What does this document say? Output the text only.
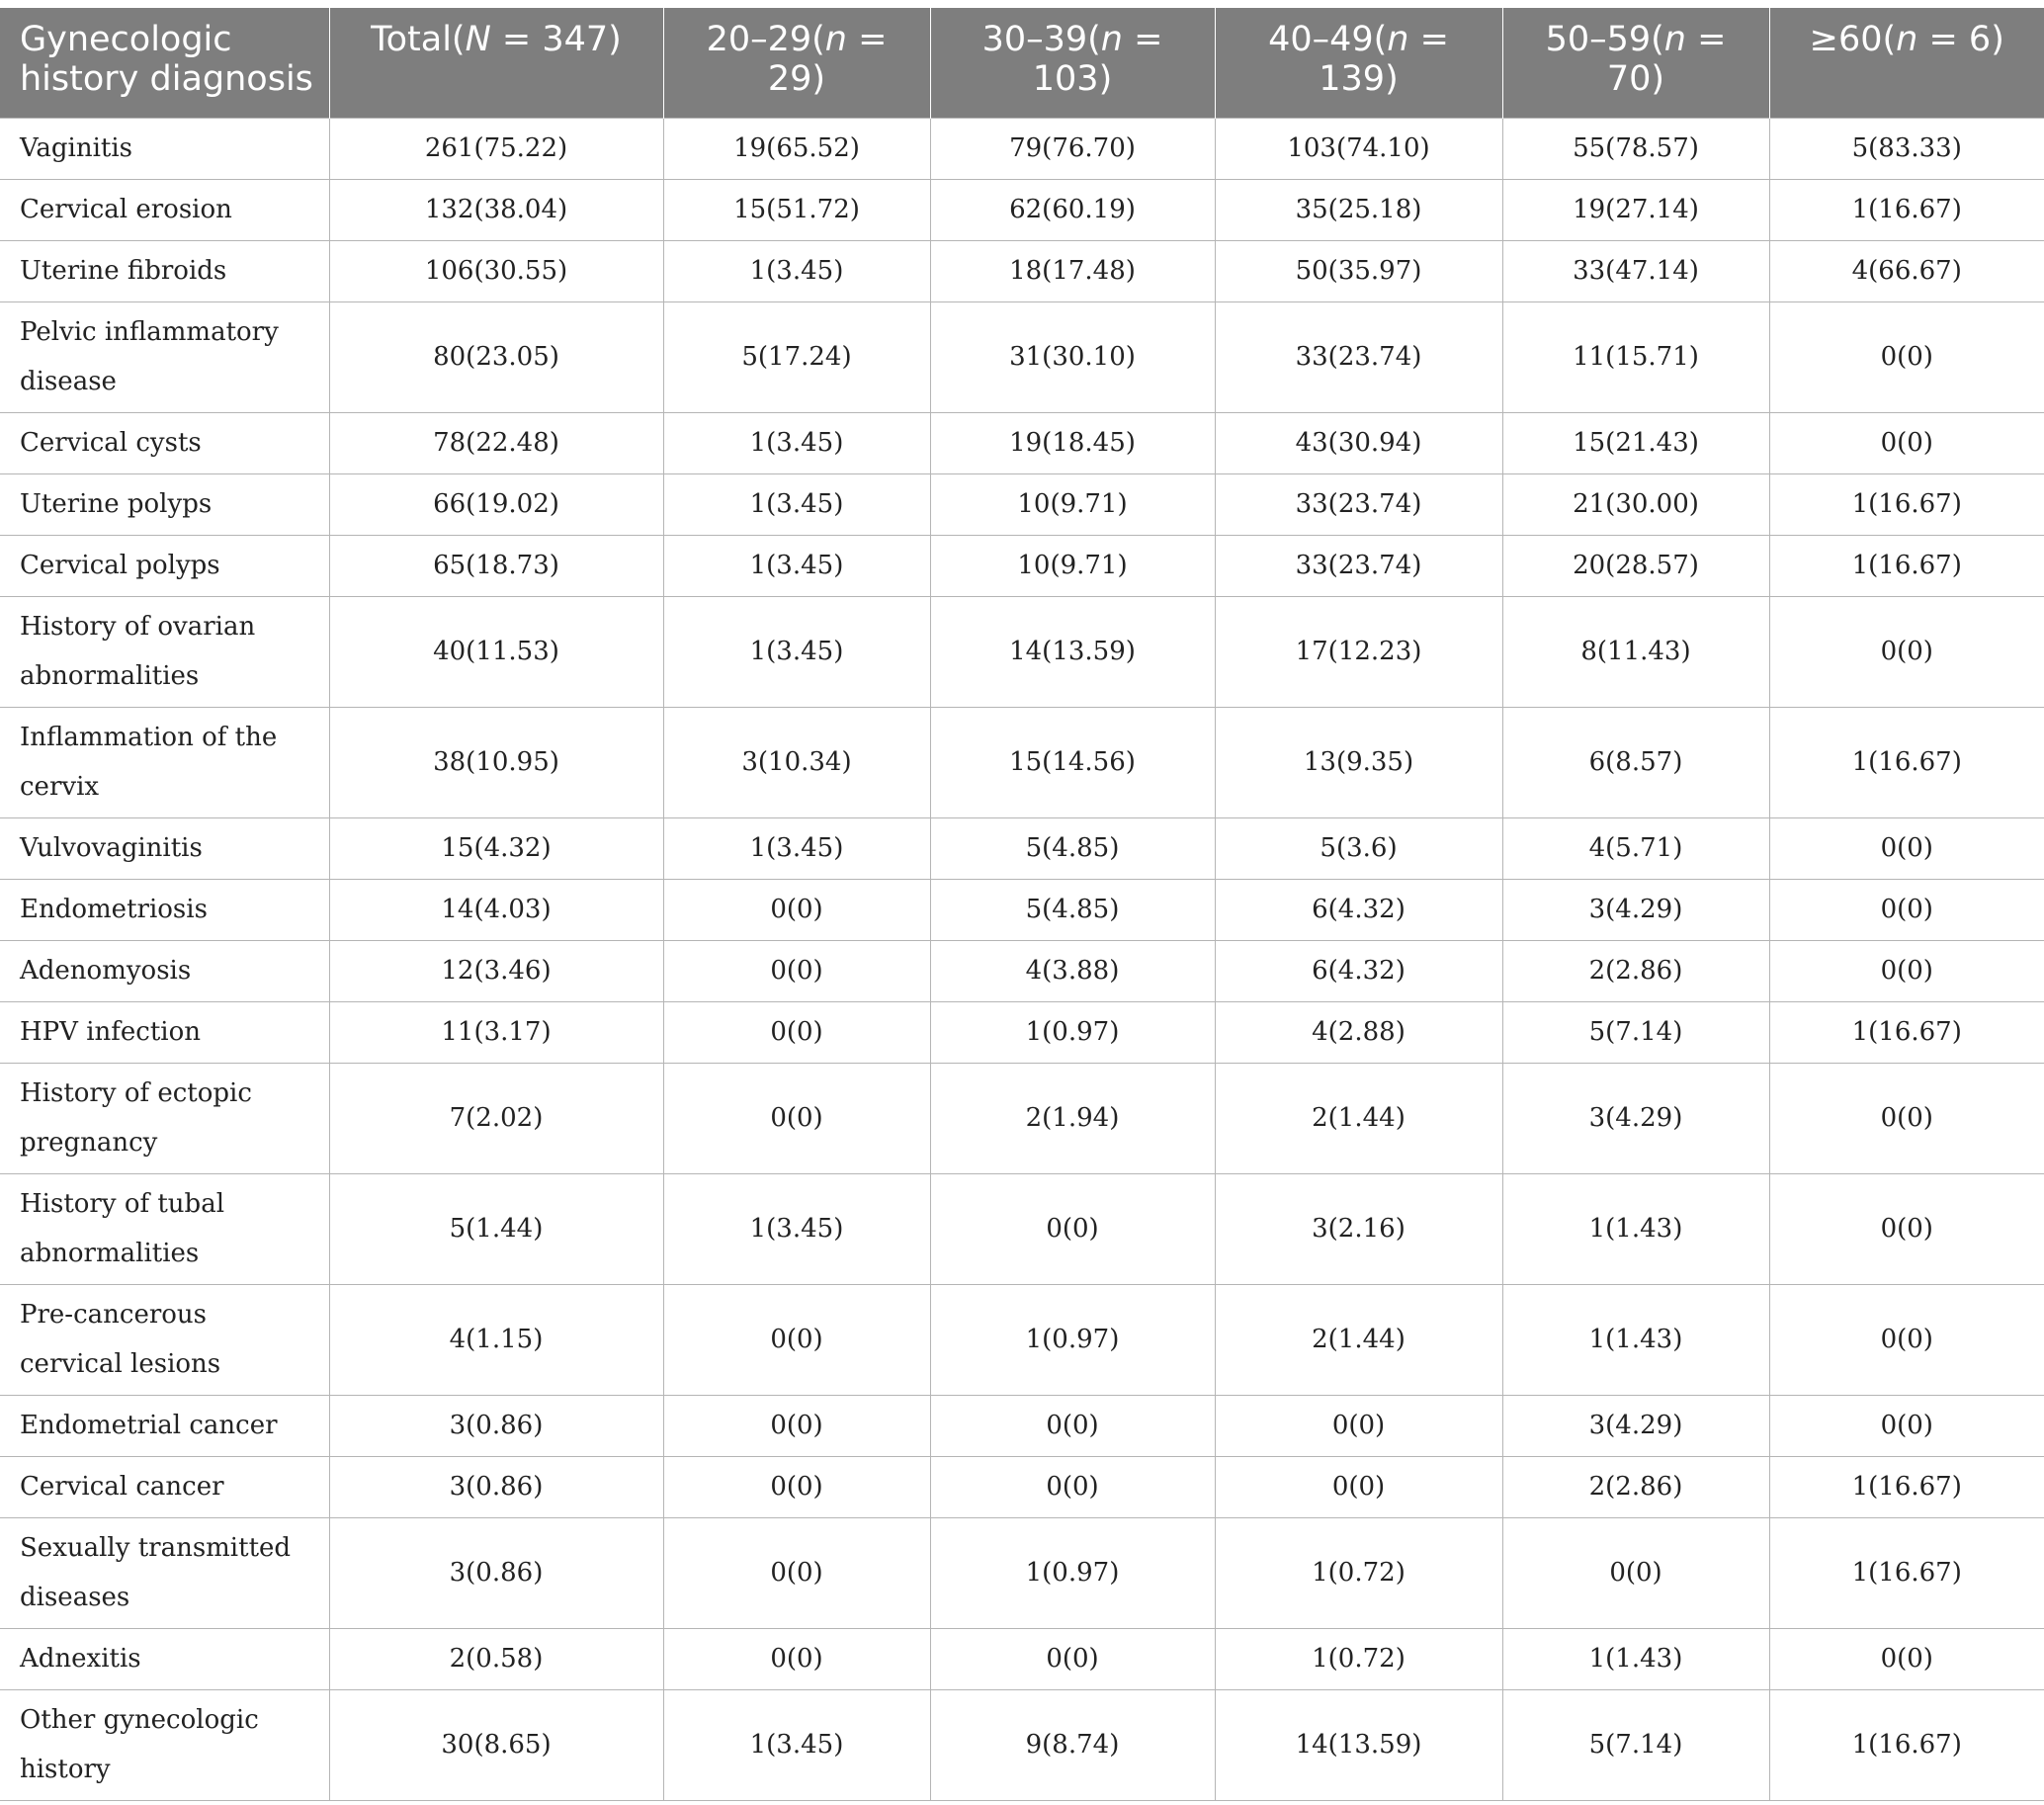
Gynecologic history diagnosis	Total(N = 347)	20–29(n = 29)	30–39(n = 103)	40–49(n = 139)	50–59(n = 70)	≥60(n = 6)
Vaginitis	261(75.22)	19(65.52)	79(76.70)	103(74.10)	55(78.57)	5(83.33)
Cervical erosion	132(38.04)	15(51.72)	62(60.19)	35(25.18)	19(27.14)	1(16.67)
Uterine fibroids	106(30.55)	1(3.45)	18(17.48)	50(35.97)	33(47.14)	4(66.67)
Pelvic inflammatory disease	80(23.05)	5(17.24)	31(30.10)	33(23.74)	11(15.71)	0(0)
Cervical cysts	78(22.48)	1(3.45)	19(18.45)	43(30.94)	15(21.43)	0(0)
Uterine polyps	66(19.02)	1(3.45)	10(9.71)	33(23.74)	21(30.00)	1(16.67)
Cervical polyps	65(18.73)	1(3.45)	10(9.71)	33(23.74)	20(28.57)	1(16.67)
History of ovarian abnormalities	40(11.53)	1(3.45)	14(13.59)	17(12.23)	8(11.43)	0(0)
Inflammation of the cervix	38(10.95)	3(10.34)	15(14.56)	13(9.35)	6(8.57)	1(16.67)
Vulvovaginitis	15(4.32)	1(3.45)	5(4.85)	5(3.6)	4(5.71)	0(0)
Endometriosis	14(4.03)	0(0)	5(4.85)	6(4.32)	3(4.29)	0(0)
Adenomyosis	12(3.46)	0(0)	4(3.88)	6(4.32)	2(2.86)	0(0)
HPV infection	11(3.17)	0(0)	1(0.97)	4(2.88)	5(7.14)	1(16.67)
History of ectopic pregnancy	7(2.02)	0(0)	2(1.94)	2(1.44)	3(4.29)	0(0)
History of tubal abnormalities	5(1.44)	1(3.45)	0(0)	3(2.16)	1(1.43)	0(0)
Pre-cancerous cervical lesions	4(1.15)	0(0)	1(0.97)	2(1.44)	1(1.43)	0(0)
Endometrial cancer	3(0.86)	0(0)	0(0)	0(0)	3(4.29)	0(0)
Cervical cancer	3(0.86)	0(0)	0(0)	0(0)	2(2.86)	1(16.67)
Sexually transmitted diseases	3(0.86)	0(0)	1(0.97)	1(0.72)	0(0)	1(16.67)
Adnexitis	2(0.58)	0(0)	0(0)	1(0.72)	1(1.43)	0(0)
Other gynecologic history	30(8.65)	1(3.45)	9(8.74)	14(13.59)	5(7.14)	1(16.67)
